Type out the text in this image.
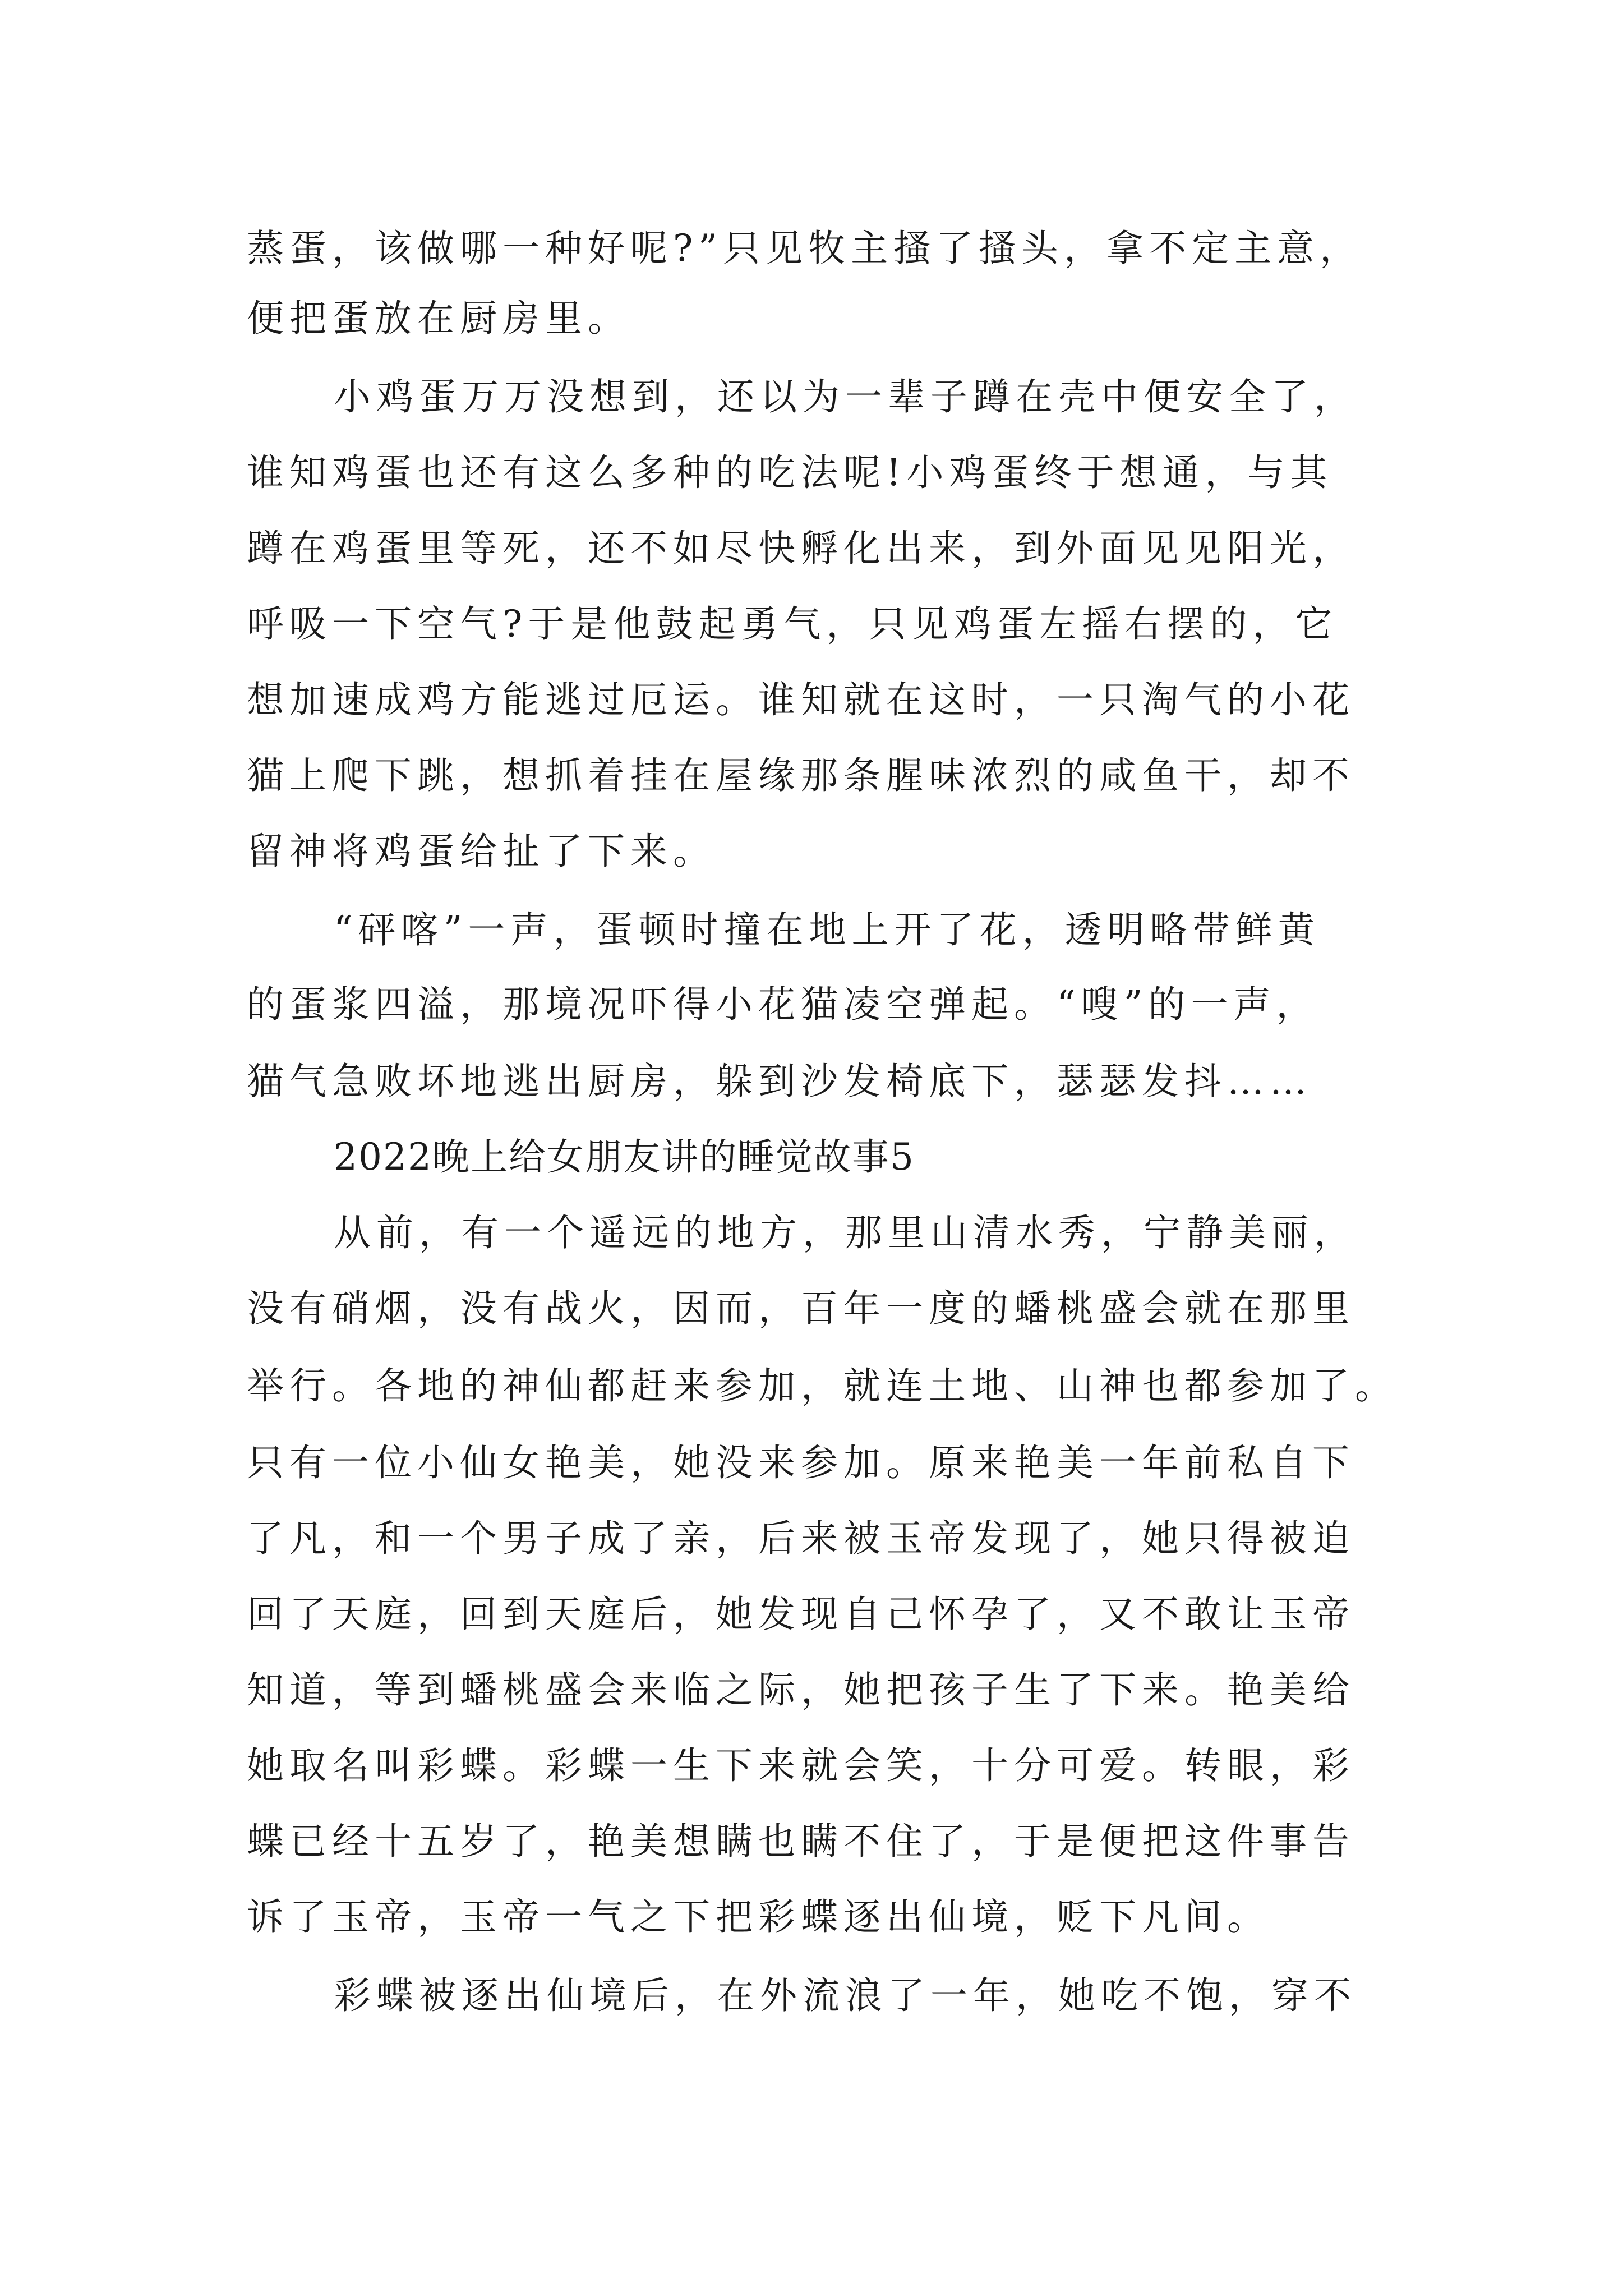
蒸蛋，该做哪一种好呢?”只见牧主搔了搔头，拿不定主意，
便把蛋放在厨房里。
小鸡蛋万万没想到，还以为一辈子蹲在壳中便安全了，
谁知鸡蛋也还有这么多种的吃法呢!小鸡蛋终于想通，与其
蹲在鸡蛋里等死，还不如尽快孵化出来，到外面见见阳光，
呼吸一下空气?于是他鼓起勇气，只见鸡蛋左摇右摆的，它
想加速成鸡方能逃过厄运。谁知就在这时，一只淘气的小花
猫上爬下跳，想抓着挂在屋缘那条腥味浓烈的咸鱼干，却不
留神将鸡蛋给扯了下来。
“砰喀”一声，蛋顿时撞在地上开了花，透明略带鲜黄
的蛋浆四溢，那境况吓得小花猫凌空弹起。“嗖”的一声，
猫气急败坏地逃出厨房，躲到沙发椅底下，瑟瑟发抖……
2022晚上给女朋友讲的睡觉故事5
从前，有一个遥远的地方，那里山清水秀，宁静美丽，
没有硝烟，没有战火，因而，百年一度的蟠桃盛会就在那里
举行。各地的神仙都赶来参加，就连土地、山神也都参加了。
只有一位小仙女艳美，她没来参加。原来艳美一年前私自下
了凡，和一个男子成了亲，后来被玉帝发现了，她只得被迫
回了天庭，回到天庭后，她发现自己怀孕了，又不敢让玉帝
知道，等到蟠桃盛会来临之际，她把孩子生了下来。艳美给
她取名叫彩蝶。彩蝶一生下来就会笑，十分可爱。转眼，彩
蝶已经十五岁了，艳美想瞒也瞒不住了，于是便把这件事告
诉了玉帝，玉帝一气之下把彩蝶逐出仙境，贬下凡间。
彩蝶被逐出仙境后，在外流浪了一年，她吃不饱，穿不
